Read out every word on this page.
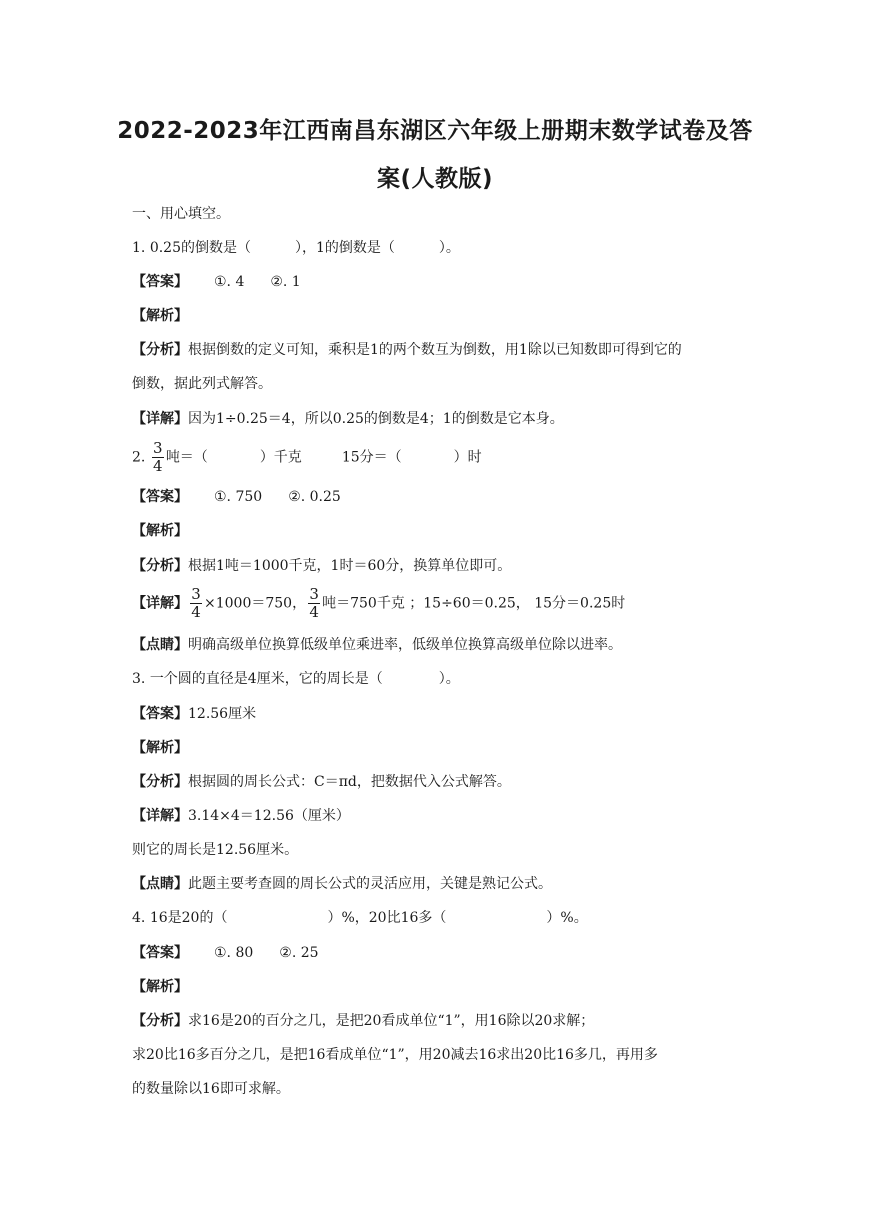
2022-2023年江西南昌东湖区六年级上册期末数学试卷及答
案(人教版)
一、用心填空。
1. 0.25的倒数是（	），1的倒数是（	）。
【答案】 ①. 4 ②. 1
【解析】
【分析】根据倒数的定义可知，乘积是1的两个数互为倒数，用1除以已知数即可得到它的
倒数，据此列式解答。
【详解】因为1÷0.25＝4，所以0.25的倒数是4；1的倒数是它本身。
2. $\frac{3}{4}$ 吨＝（	）千克	15分＝（	）时
【答案】 ①. 750 ②. 0.25
【解析】
【分析】根据1吨＝1000千克，1时＝60分，换算单位即可。
【详解】 $\frac{3}{4} \times 1000=750$， $\frac{3}{4}$ 吨＝750千克 ；15÷60＝0.25， 15分＝0.25时
【点睛】明确高级单位换算低级单位乘进率，低级单位换算高级单位除以进率。
3. 一个圆的直径是4厘米，它的周长是（	）。
【答案】12.56厘米
【解析】
【分析】根据圆的周长公式：C＝πd，把数据代入公式解答。
【详解】3.14×4＝12.56（厘米）
则它的周长是12.56厘米。
【点睛】此题主要考查圆的周长公式的灵活应用，关键是熟记公式。
4. 16是20的（	）%，20比16多（	）%。
【答案】 ①. 80 ②. 25
【解析】
【分析】求16是20的百分之几，是把20看成单位“1”，用16除以20求解；
求20比16多百分之几，是把16看成单位“1”，用20减去16求出20比16多几，再用多
的数量除以16即可求解。
